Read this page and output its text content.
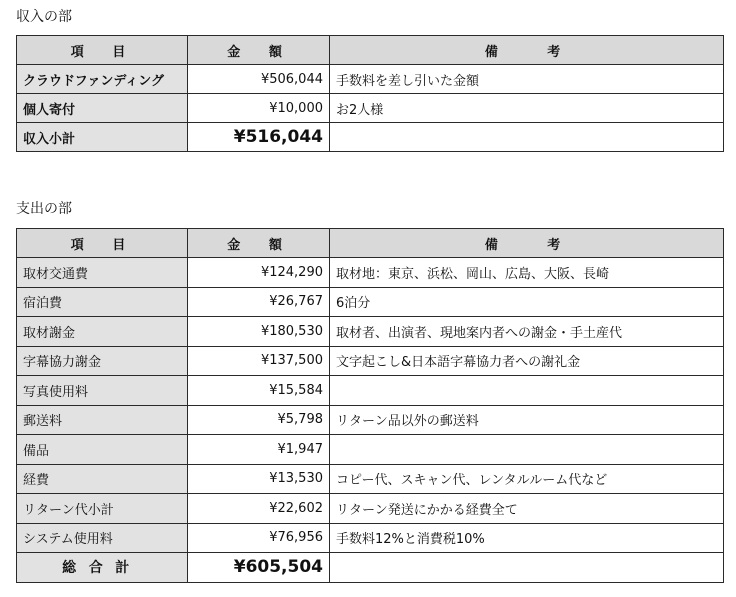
収入の部
項　目	金　額	備　　考
クラウドファンディング	¥506,044	手数料を差し引いた金額
個人寄付	¥10,000	お2人様
収入小計	¥516,044	
支出の部
項　目	金　額	備　　考
取材交通費	¥124,290	取材地：東京、浜松、岡山、広島、大阪、長崎
宿泊費	¥26,767	6泊分
取材謝金	¥180,530	取材者、出演者、現地案内者への謝金・手土産代
字幕協力謝金	¥137,500	文字起こし&日本語字幕協力者への謝礼金
写真使用料	¥15,584	
郵送料	¥5,798	リターン品以外の郵送料
備品	¥1,947	
経費	¥13,530	コピー代、スキャン代、レンタルルーム代など
リターン代小計	¥22,602	リターン発送にかかる経費全て
システム使用料	¥76,956	手数料12%と消費税10%
総合計	¥605,504	
